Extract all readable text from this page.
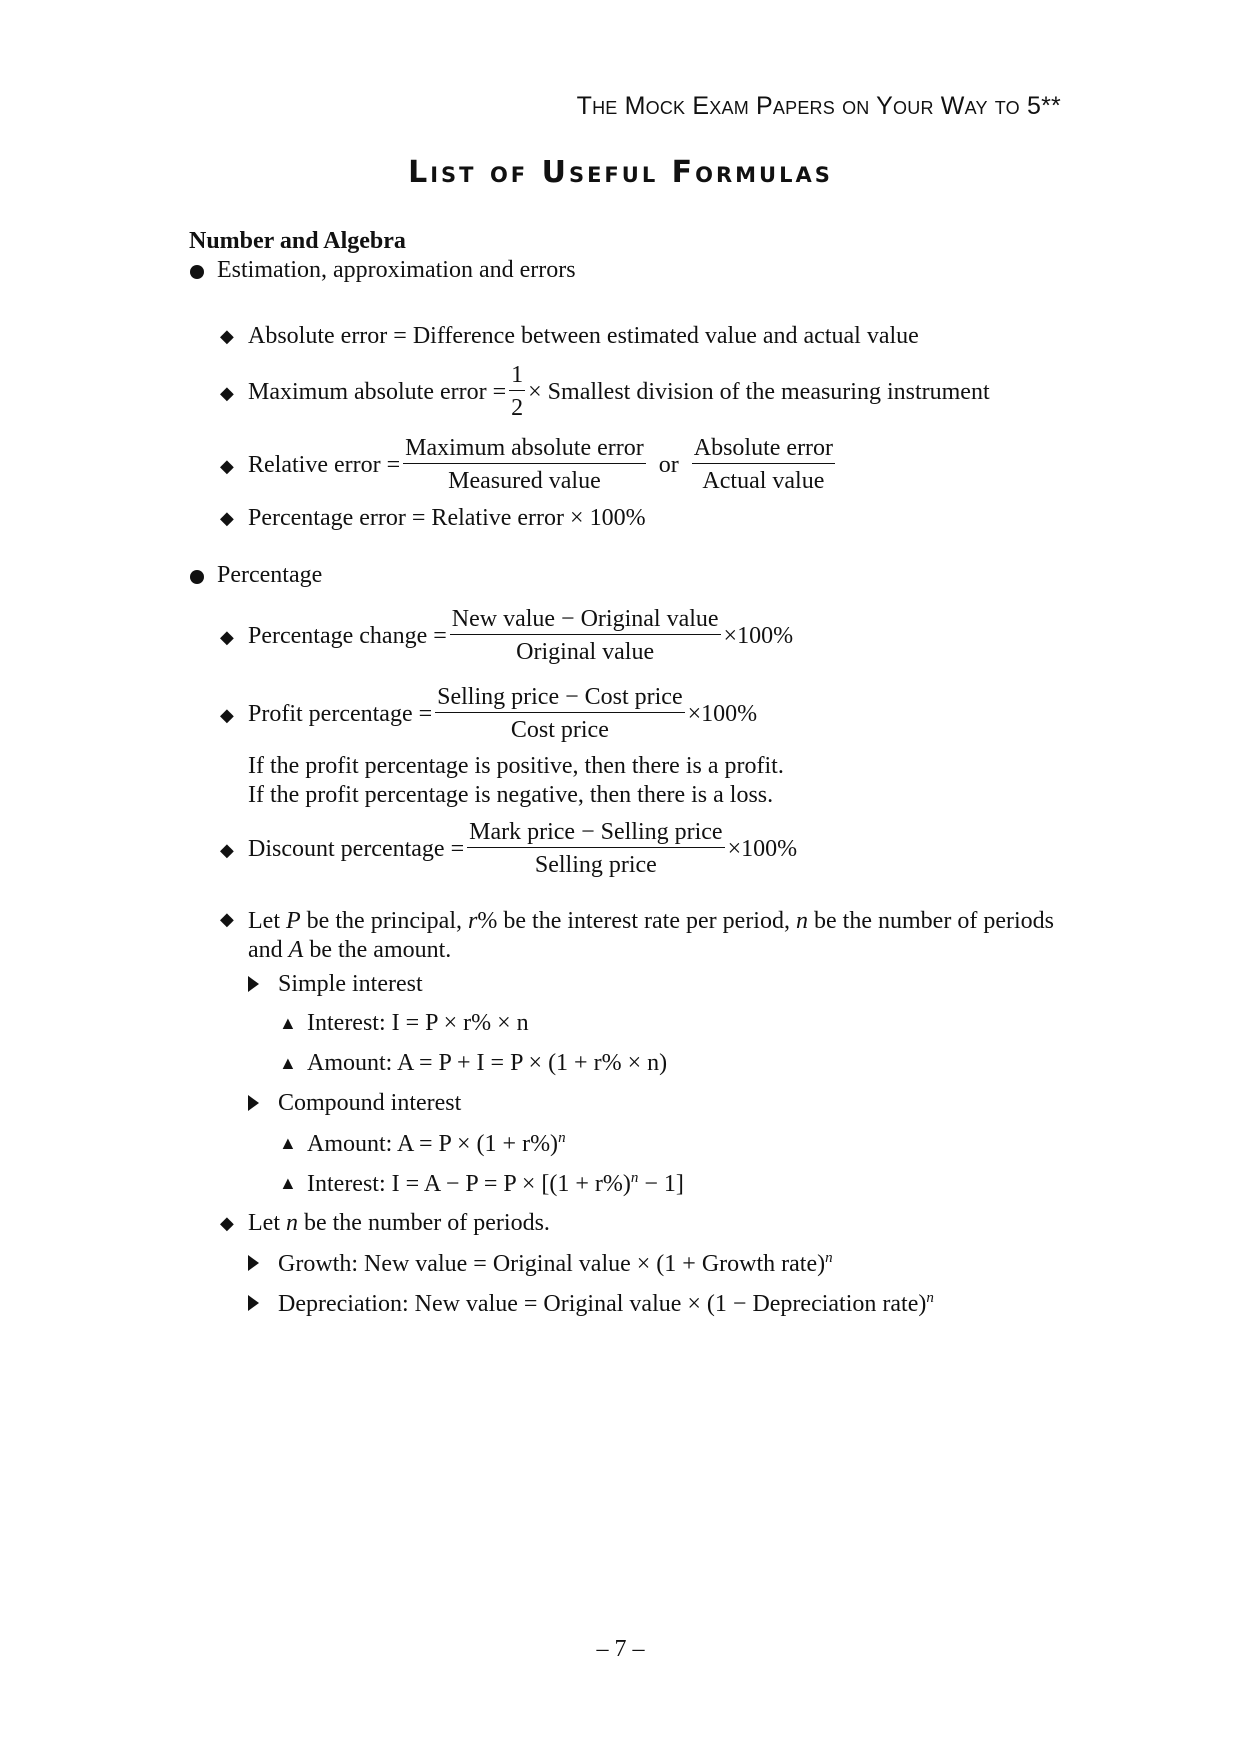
The Mock Exam Papers on Your Way to 5**
List of Useful Formulas
Number and Algebra
Estimation, approximation and errors
◆ Absolute error = Difference between estimated value and actual value
◆ Maximum absolute error = $\frac{1}{2}$ × Smallest division of the measuring instrument
◆ Relative error = $\frac{\text{Maximum absolute error}}{\text{Measured value}}$ or $\frac{\text{Absolute error}}{\text{Actual value}}$
◆ Percentage error = Relative error × 100%
Percentage
◆ Percentage change = $\frac{\text{New value − Original value}}{\text{Original value}} \times 100\%$
◆ Profit percentage = $\frac{\text{Selling price − Cost price}}{\text{Cost price}} \times 100\%$
If the profit percentage is positive, then there is a profit.
If the profit percentage is negative, then there is a loss.
◆ Discount percentage = $\frac{\text{Mark price − Selling price}}{\text{Selling price}} \times 100\%$
◆ Let P be the principal, r% be the interest rate per period, n be the number of periods and A be the amount.
Simple interest
▲ Interest: I = P × r% × n
▲ Amount: A = P + I = P × (1 + r% × n)
Compound interest
▲ Amount: $A = P \times (1 + r\%)^n$
▲ Interest: $I = A - P = P \times [(1 + r\%)^n - 1]$
◆ Let n be the number of periods.
Growth: New value = Original value × (1 + Growth rate)$^n$
Depreciation: New value = Original value × (1 − Depreciation rate)$^n$
– 7 –
